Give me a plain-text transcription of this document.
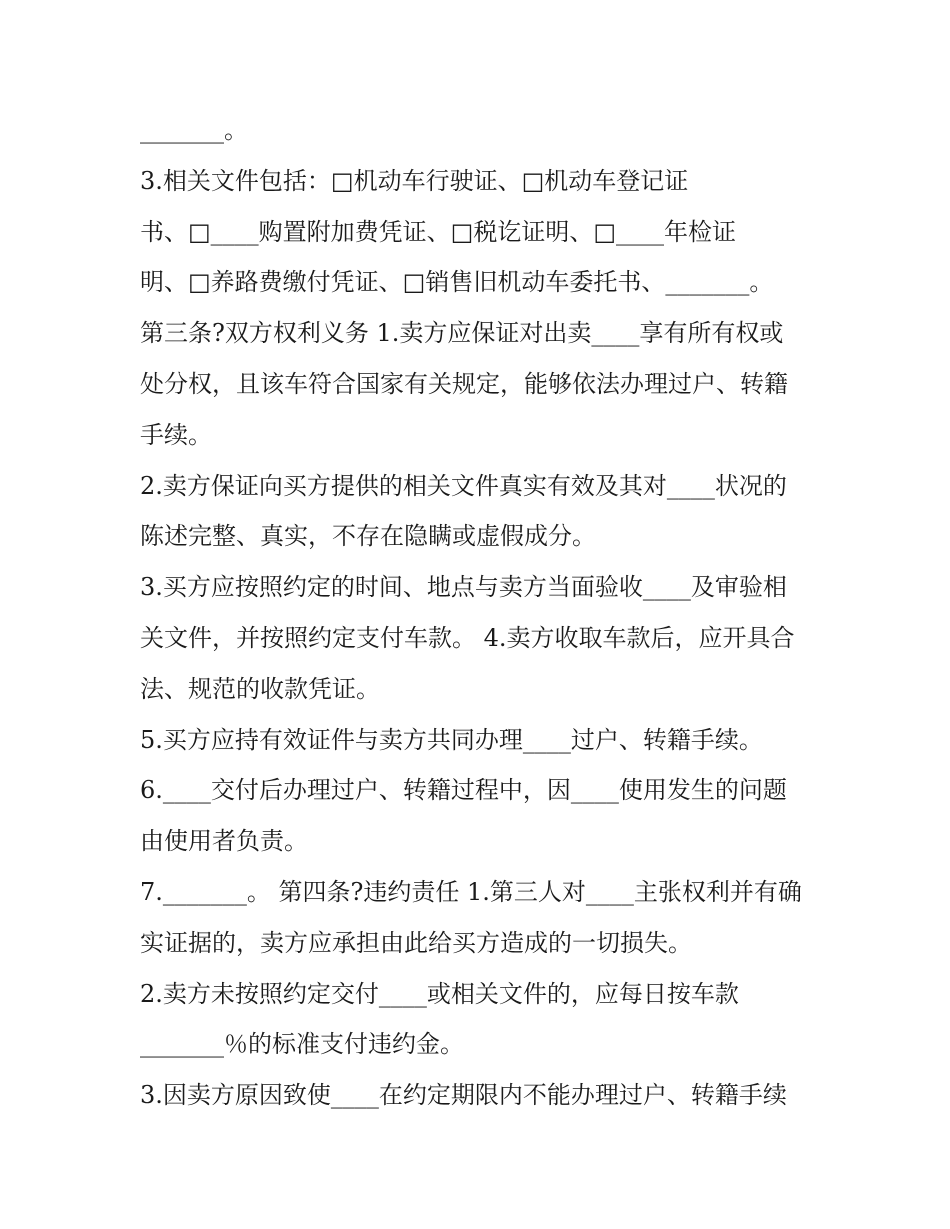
_______。
3.相关文件包括：□机动车行驶证、□机动车登记证
书、□____购置附加费凭证、□税讫证明、□____年检证
明、□养路费缴付凭证、□销售旧机动车委托书、_______。
第三条?双方权利义务 1.卖方应保证对出卖____享有所有权或
处分权，且该车符合国家有关规定，能够依法办理过户、转籍
手续。
2.卖方保证向买方提供的相关文件真实有效及其对____状况的
陈述完整、真实，不存在隐瞒或虚假成分。
3.买方应按照约定的时间、地点与卖方当面验收____及审验相
关文件，并按照约定支付车款。 4.卖方收取车款后，应开具合
法、规范的收款凭证。
5.买方应持有效证件与卖方共同办理____过户、转籍手续。
6.____交付后办理过户、转籍过程中，因____使用发生的问题
由使用者负责。
7._______。 第四条?违约责任 1.第三人对____主张权利并有确
实证据的，卖方应承担由此给买方造成的一切损失。
2.卖方未按照约定交付____或相关文件的，应每日按车款
_______％的标准支付违约金。
3.因卖方原因致使____在约定期限内不能办理过户、转籍手续
